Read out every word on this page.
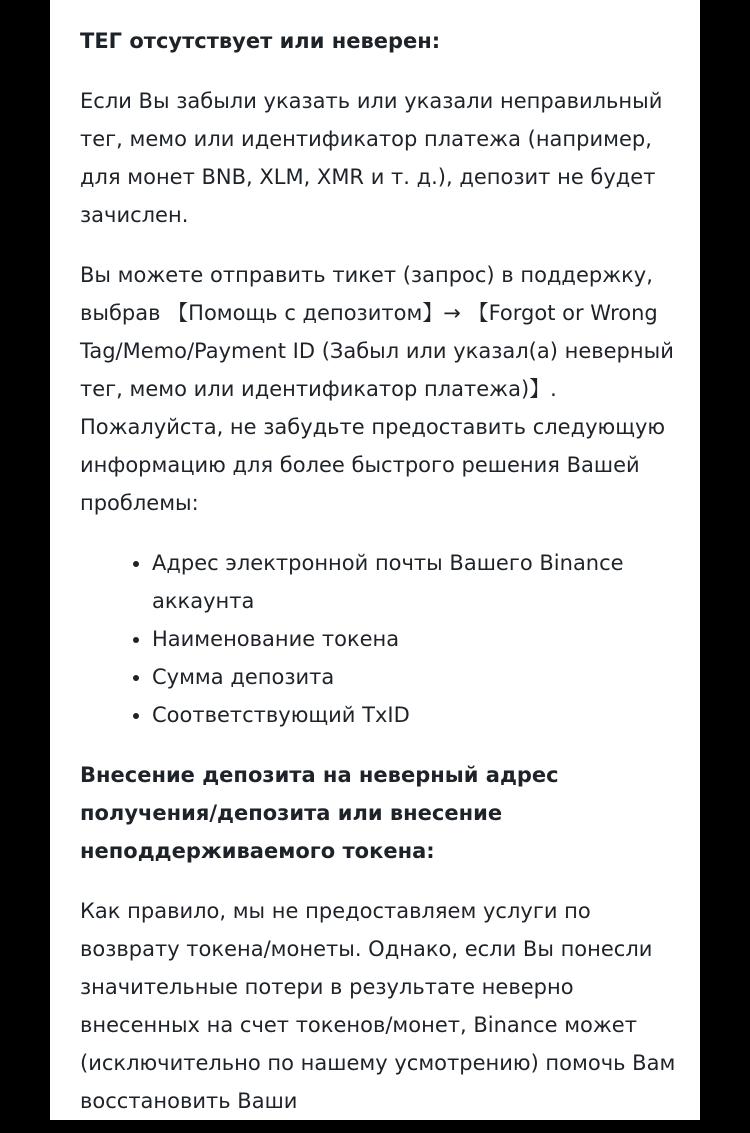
ТЕГ отсутствует или неверен:
Если Вы забыли указать или указали неправильный тег, мемо или идентификатор платежа (например, для монет BNB, XLM, XMR и т. д.), депозит не будет зачислен.
Вы можете отправить тикет (запрос) в поддержку, выбрав 【Помощь с депозитом】→ 【Forgot or Wrong Tag/Memo/Payment ID (Забыл или указал(а) неверный тег, мемо или идентификатор платежа)】. Пожалуйста, не забудьте предоставить следующую информацию для более быстрого решения Вашей проблемы:
• Адрес электронной почты Вашего Binance аккаунта
• Наименование токена
• Сумма депозита
• Соответствующий TxID
Внесение депозита на неверный адрес получения/депозита или внесение неподдерживаемого токена:
Как правило, мы не предоставляем услуги по возврату токена/монеты. Однако, если Вы понесли значительные потери в результате неверно внесенных на счет токенов/монет, Binance может (исключительно по нашему усмотрению) помочь Вам восстановить Ваши
